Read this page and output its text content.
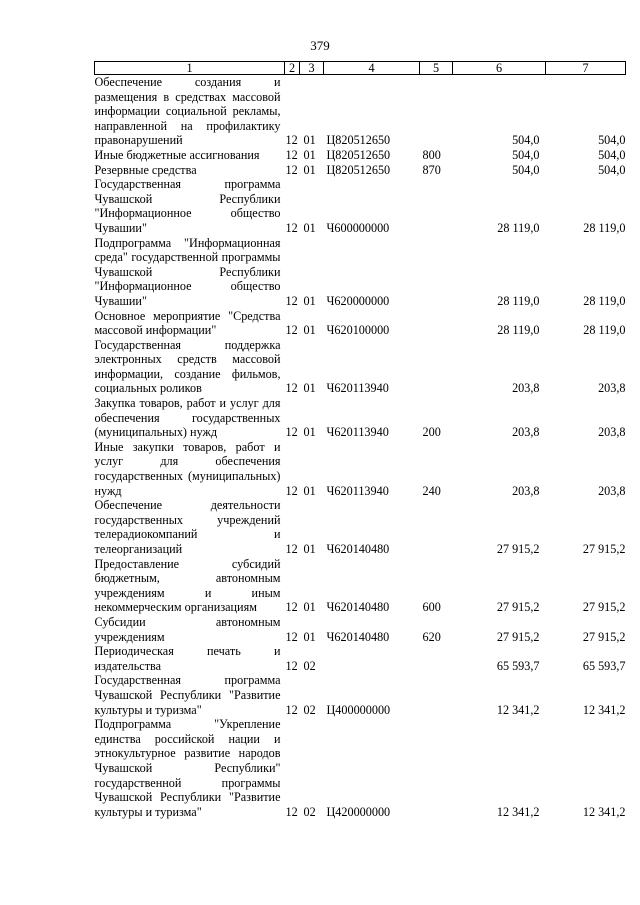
379
1	2	3	4	5	6	7
Обеспечение создания и размещения в средствах массовой информации социальной рекламы, направленной на профилактику правонарушений	12	01	Ц820512650		504,0	504,0
Иные бюджетные ассигнования	12	01	Ц820512650	800	504,0	504,0
Резервные средства	12	01	Ц820512650	870	504,0	504,0
Государственная программа Чувашской Республики "Информационное общество Чувашии"	12	01	Ч600000000		28 119,0	28 119,0
Подпрограмма "Информационная среда" государственной программы Чувашской Республики "Информационное общество Чувашии"	12	01	Ч620000000		28 119,0	28 119,0
Основное мероприятие "Средства массовой информации"	12	01	Ч620100000		28 119,0	28 119,0
Государственная поддержка электронных средств массовой информации, создание фильмов, социальных роликов	12	01	Ч620113940		203,8	203,8
Закупка товаров, работ и услуг для обеспечения государственных (муниципальных) нужд	12	01	Ч620113940	200	203,8	203,8
Иные закупки товаров, работ и услуг для обеспечения государственных (муниципальных) нужд	12	01	Ч620113940	240	203,8	203,8
Обеспечение деятельности государственных учреждений телерадиокомпаний и телеорганизаций	12	01	Ч620140480		27 915,2	27 915,2
Предоставление субсидий бюджетным, автономным учреждениям и иным некоммерческим организациям	12	01	Ч620140480	600	27 915,2	27 915,2
Субсидии автономным учреждениям	12	01	Ч620140480	620	27 915,2	27 915,2
Периодическая печать и издательства	12	02			65 593,7	65 593,7
Государственная программа Чувашской Республики "Развитие культуры и туризма"	12	02	Ц400000000		12 341,2	12 341,2
Подпрограмма "Укрепление единства российской нации и этнокультурное развитие народов Чувашской Республики" государственной программы Чувашской Республики "Развитие культуры и туризма"	12	02	Ц420000000		12 341,2	12 341,2
